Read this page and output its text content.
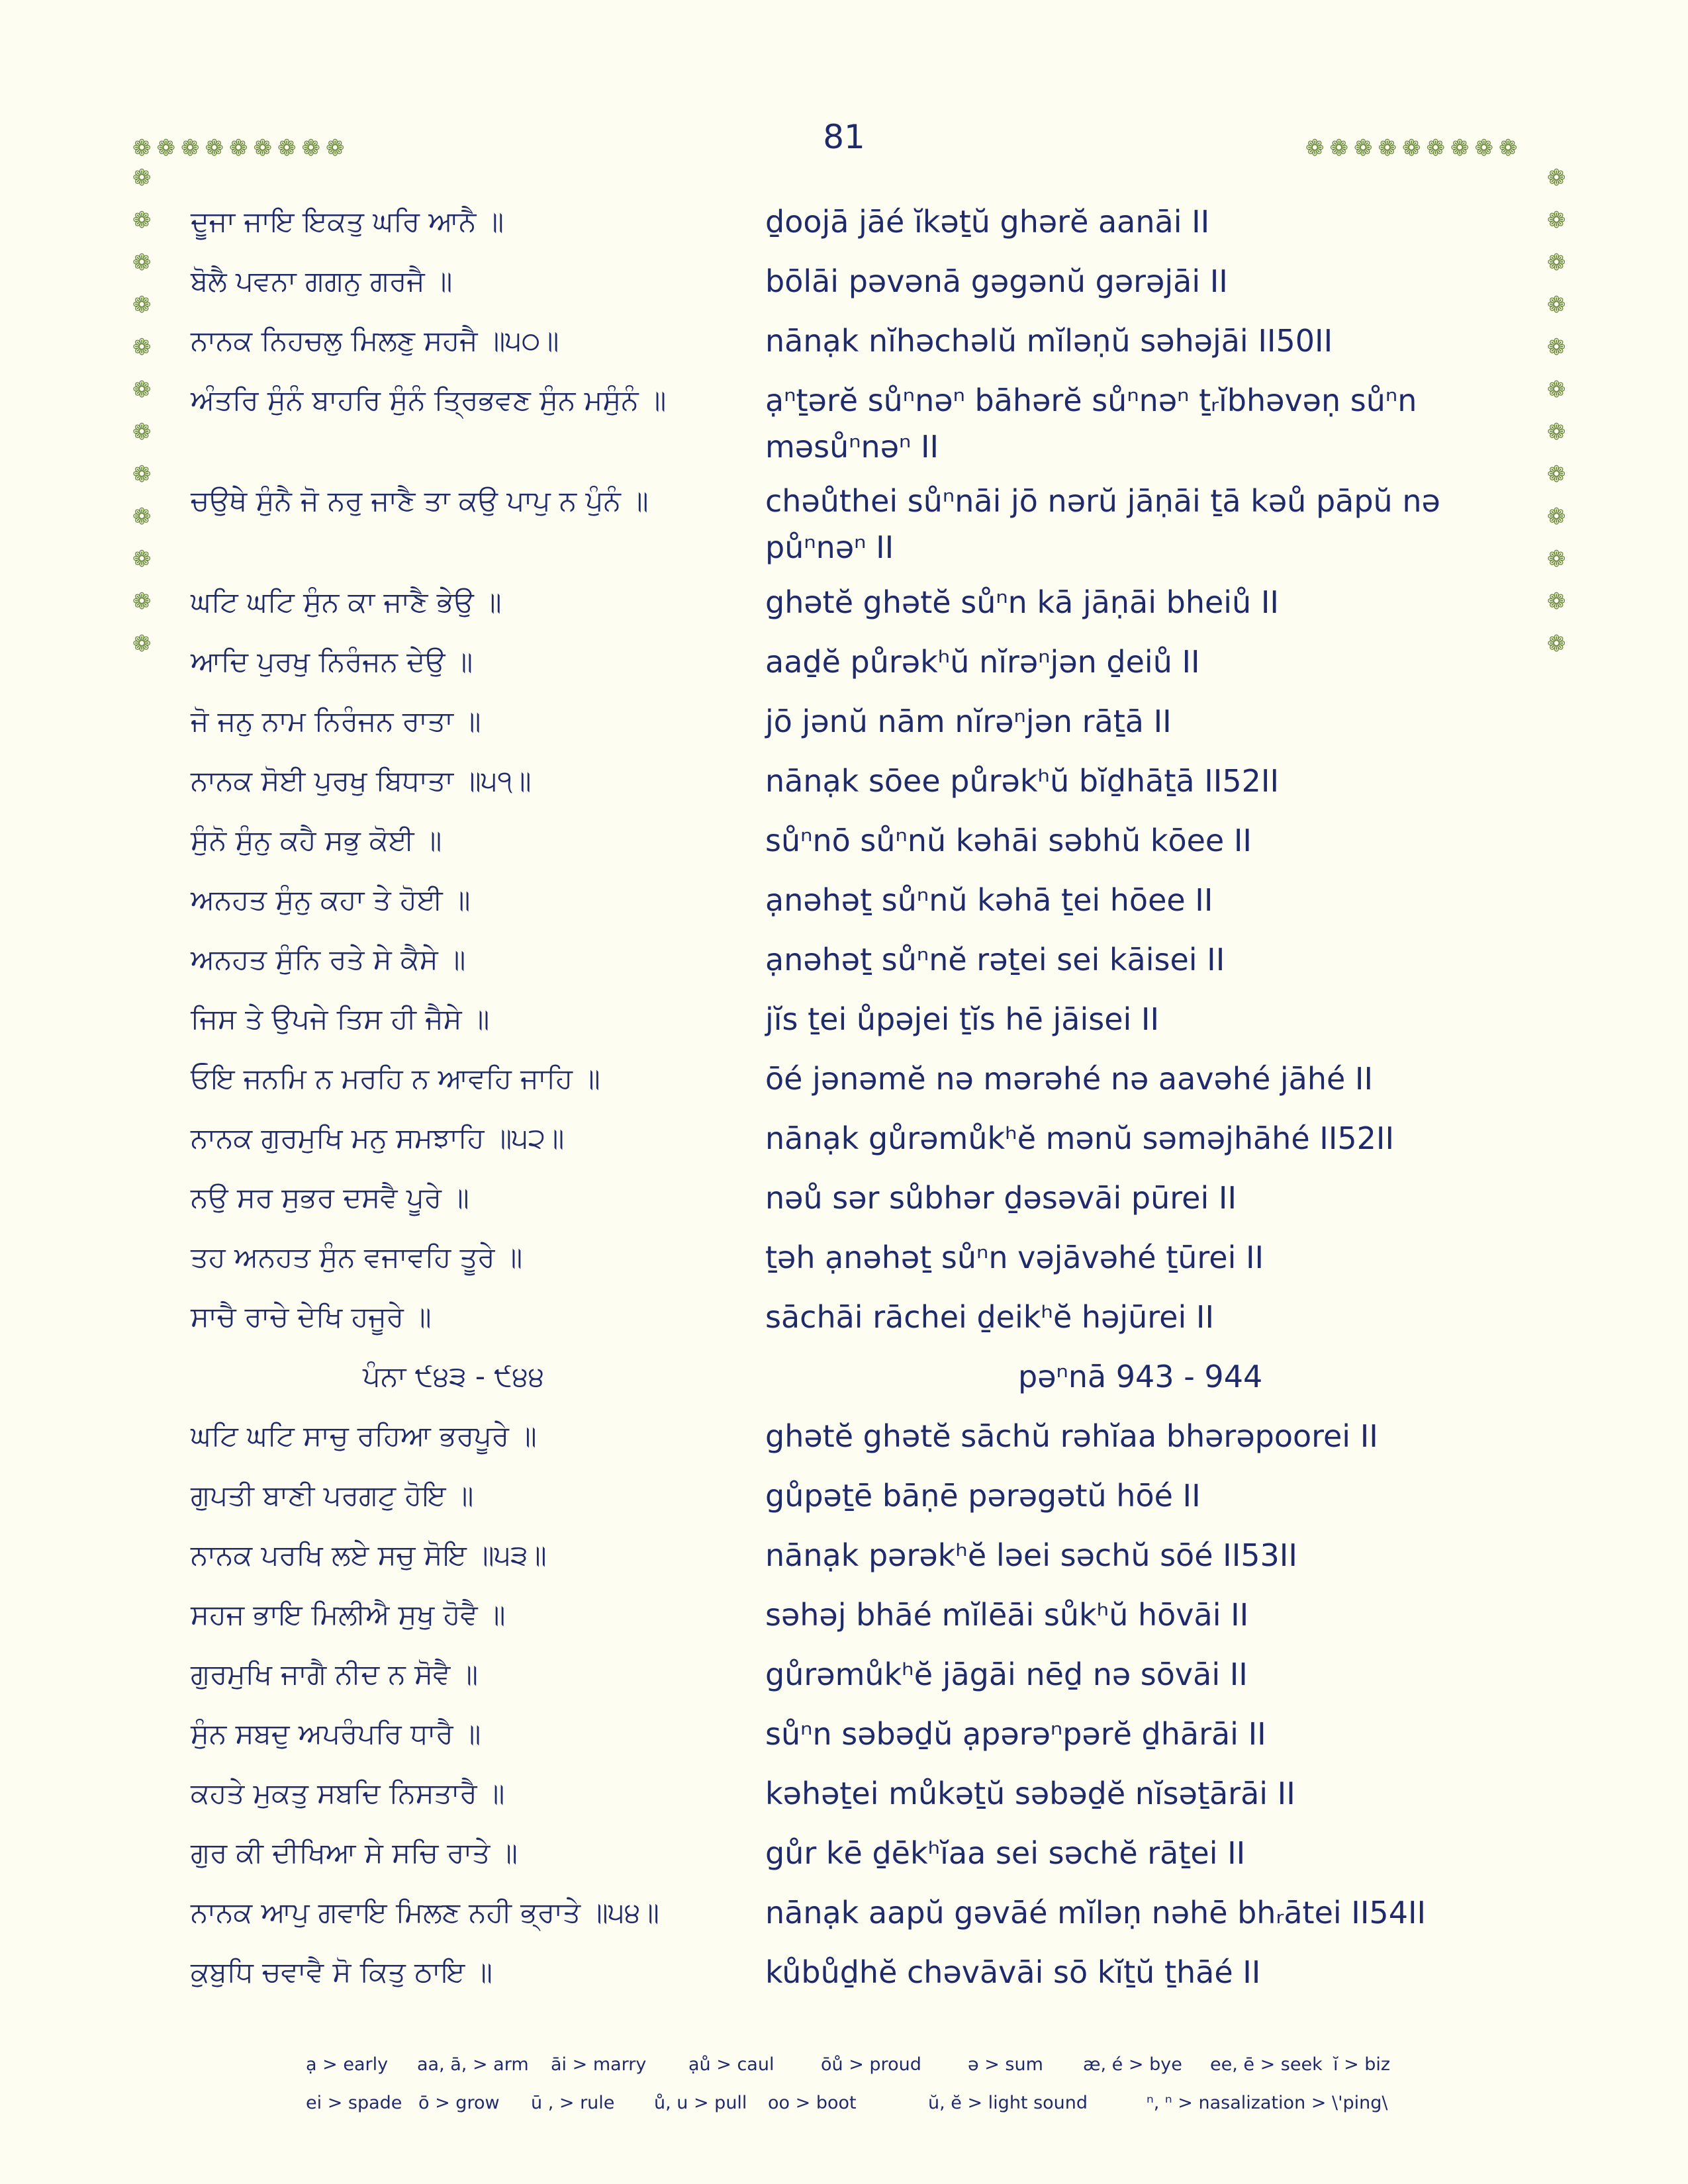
81
❁ ❁ ❁ ❁ ❁ ❁ ❁ ❁ ❁	❁ ❁ ❁ ❁ ❁ ❁ ❁ ❁ ❁
❁
❁
❁
❁
❁
❁
❁
❁
❁
❁
❁
❁
❁
❁
❁
❁
❁
❁
❁
❁
❁
❁
❁
❁
ਦੂਜਾ ਜਾਇ ਇਕਤੁ ਘਰਿ ਆਨੈ ॥	ḏoojā jāé ĭkəṯŭ ghərĕ aanāi II
ਬੋਲੈ ਪਵਨਾ ਗਗਨੁ ਗਰਜੈ ॥	bōlāi pəvənā gəgənŭ gərəjāi II
ਨਾਨਕ ਨਿਹਚਲੁ ਮਿਲਣੁ ਸਹਜੈ ॥੫੦॥	nānạk nĭhəchəlŭ mĭləṇŭ səhəjāi II50II
ਅੰਤਰਿ ਸੁੰਨੰ ਬਾਹਰਿ ਸੁੰਨੰ ਤ੍ਰਿਭਵਣ ਸੁੰਨ ਮਸੁੰਨੰ ॥	ạⁿṯərĕ sůⁿnəⁿ bāhərĕ sůⁿnəⁿ ṯᵣĭbhəvəṇ sůⁿn məsůⁿnəⁿ II
ਚਉਥੇ ਸੁੰਨੈ ਜੋ ਨਰੁ ਜਾਣੈ ਤਾ ਕਉ ਪਾਪੁ ਨ ਪੁੰਨੰ ॥	chəůthei sůⁿnāi jō nərŭ jāṇāi ṯā kəů pāpŭ nə půⁿnəⁿ II
ਘਟਿ ਘਟਿ ਸੁੰਨ ਕਾ ਜਾਣੈ ਭੇਉ ॥	ghətĕ ghətĕ sůⁿn kā jāṇāi bheiů II
ਆਦਿ ਪੁਰਖੁ ਨਿਰੰਜਨ ਦੇਉ ॥	aaḏĕ půrəkʰŭ nĭrəⁿjən ḏeiů II
ਜੋ ਜਨੁ ਨਾਮ ਨਿਰੰਜਨ ਰਾਤਾ ॥	jō jənŭ nām nĭrəⁿjən rāṯā II
ਨਾਨਕ ਸੋਈ ਪੁਰਖੁ ਬਿਧਾਤਾ ॥੫੧॥	nānạk sōee půrəkʰŭ bĭḏhāṯā II52II
ਸੁੰਨੋ ਸੁੰਨੁ ਕਹੈ ਸਭੁ ਕੋਈ ॥	sůⁿnō sůⁿnŭ kəhāi səbhŭ kōee II
ਅਨਹਤ ਸੁੰਨੁ ਕਹਾ ਤੇ ਹੋਈ ॥	ạnəhəṯ sůⁿnŭ kəhā ṯei hōee II
ਅਨਹਤ ਸੁੰਨਿ ਰਤੇ ਸੇ ਕੈਸੇ ॥	ạnəhəṯ sůⁿnĕ rəṯei sei kāisei II
ਜਿਸ ਤੇ ਉਪਜੇ ਤਿਸ ਹੀ ਜੈਸੇ ॥	jĭs ṯei ůpəjei ṯĭs hē jāisei II
ਓਇ ਜਨਮਿ ਨ ਮਰਹਿ ਨ ਆਵਹਿ ਜਾਹਿ ॥	ōé jənəmĕ nə mərəhé nə aavəhé jāhé II
ਨਾਨਕ ਗੁਰਮੁਖਿ ਮਨੁ ਸਮਝਾਹਿ ॥੫੨॥	nānạk gůrəmůkʰĕ mənŭ səməjhāhé II52II
ਨਉ ਸਰ ਸੁਭਰ ਦਸਵੈ ਪੂਰੇ ॥	nəů sər sůbhər ḏəsəvāi pūrei II
ਤਹ ਅਨਹਤ ਸੁੰਨ ਵਜਾਵਹਿ ਤੂਰੇ ॥	ṯəh ạnəhəṯ sůⁿn vəjāvəhé ṯūrei II
ਸਾਚੈ ਰਾਚੇ ਦੇਖਿ ਹਜੂਰੇ ॥	sāchāi rāchei ḏeikʰĕ həjūrei II
ਪੰਨਾ ੯੪੩ - ੯੪੪	pəⁿnā 943 - 944
ਘਟਿ ਘਟਿ ਸਾਚੁ ਰਹਿਆ ਭਰਪੂਰੇ ॥	ghətĕ ghətĕ sāchŭ rəhĭaa bhərəpoorei II
ਗੁਪਤੀ ਬਾਣੀ ਪਰਗਟੁ ਹੋਇ ॥	gůpəṯē bāṇē pərəgətŭ hōé II
ਨਾਨਕ ਪਰਖਿ ਲਏ ਸਚੁ ਸੋਇ ॥੫੩॥	nānạk pərəkʰĕ ləei səchŭ sōé II53II
ਸਹਜ ਭਾਇ ਮਿਲੀਐ ਸੁਖੁ ਹੋਵੈ ॥	səhəj bhāé mĭlēāi sůkʰŭ hōvāi II
ਗੁਰਮੁਖਿ ਜਾਗੈ ਨੀਦ ਨ ਸੋਵੈ ॥	gůrəmůkʰĕ jāgāi nēḏ nə sōvāi II
ਸੁੰਨ ਸਬਦੁ ਅਪਰੰਪਰਿ ਧਾਰੈ ॥	sůⁿn səbəḏŭ ạpərəⁿpərĕ ḏhārāi II
ਕਹਤੇ ਮੁਕਤੁ ਸਬਦਿ ਨਿਸਤਾਰੈ ॥	kəhəṯei můkəṯŭ səbəḏĕ nĭsəṯārāi II
ਗੁਰ ਕੀ ਦੀਖਿਆ ਸੇ ਸਚਿ ਰਾਤੇ ॥	gůr kē ḏēkʰĭaa sei səchĕ rāṯei II
ਨਾਨਕ ਆਪੁ ਗਵਾਇ ਮਿਲਣ ਨਹੀ ਭ੍ਰਾਤੇ ॥੫੪॥	nānạk aapŭ gəvāé mĭləṇ nəhē bhᵣātei II54II
ਕੁਬੁਧਿ ਚਵਾਵੈ ਸੋ ਕਿਤੁ ਠਾਇ ॥	kůbůḏhĕ chəvāvāi sō kĭṯŭ ṯhāé II
ạ > early	aa, ā, > arm	āi > marry	ạů > caul	ōů > proud	ə > sum	æ, é > bye	ee, ē > seek ĭ > biz
ei > spade ō > grow	ū , > rule	ů, u > pull	oo > boot	ŭ, ĕ > light sound	ⁿ, ⁿ > nasalization > \'ping\
